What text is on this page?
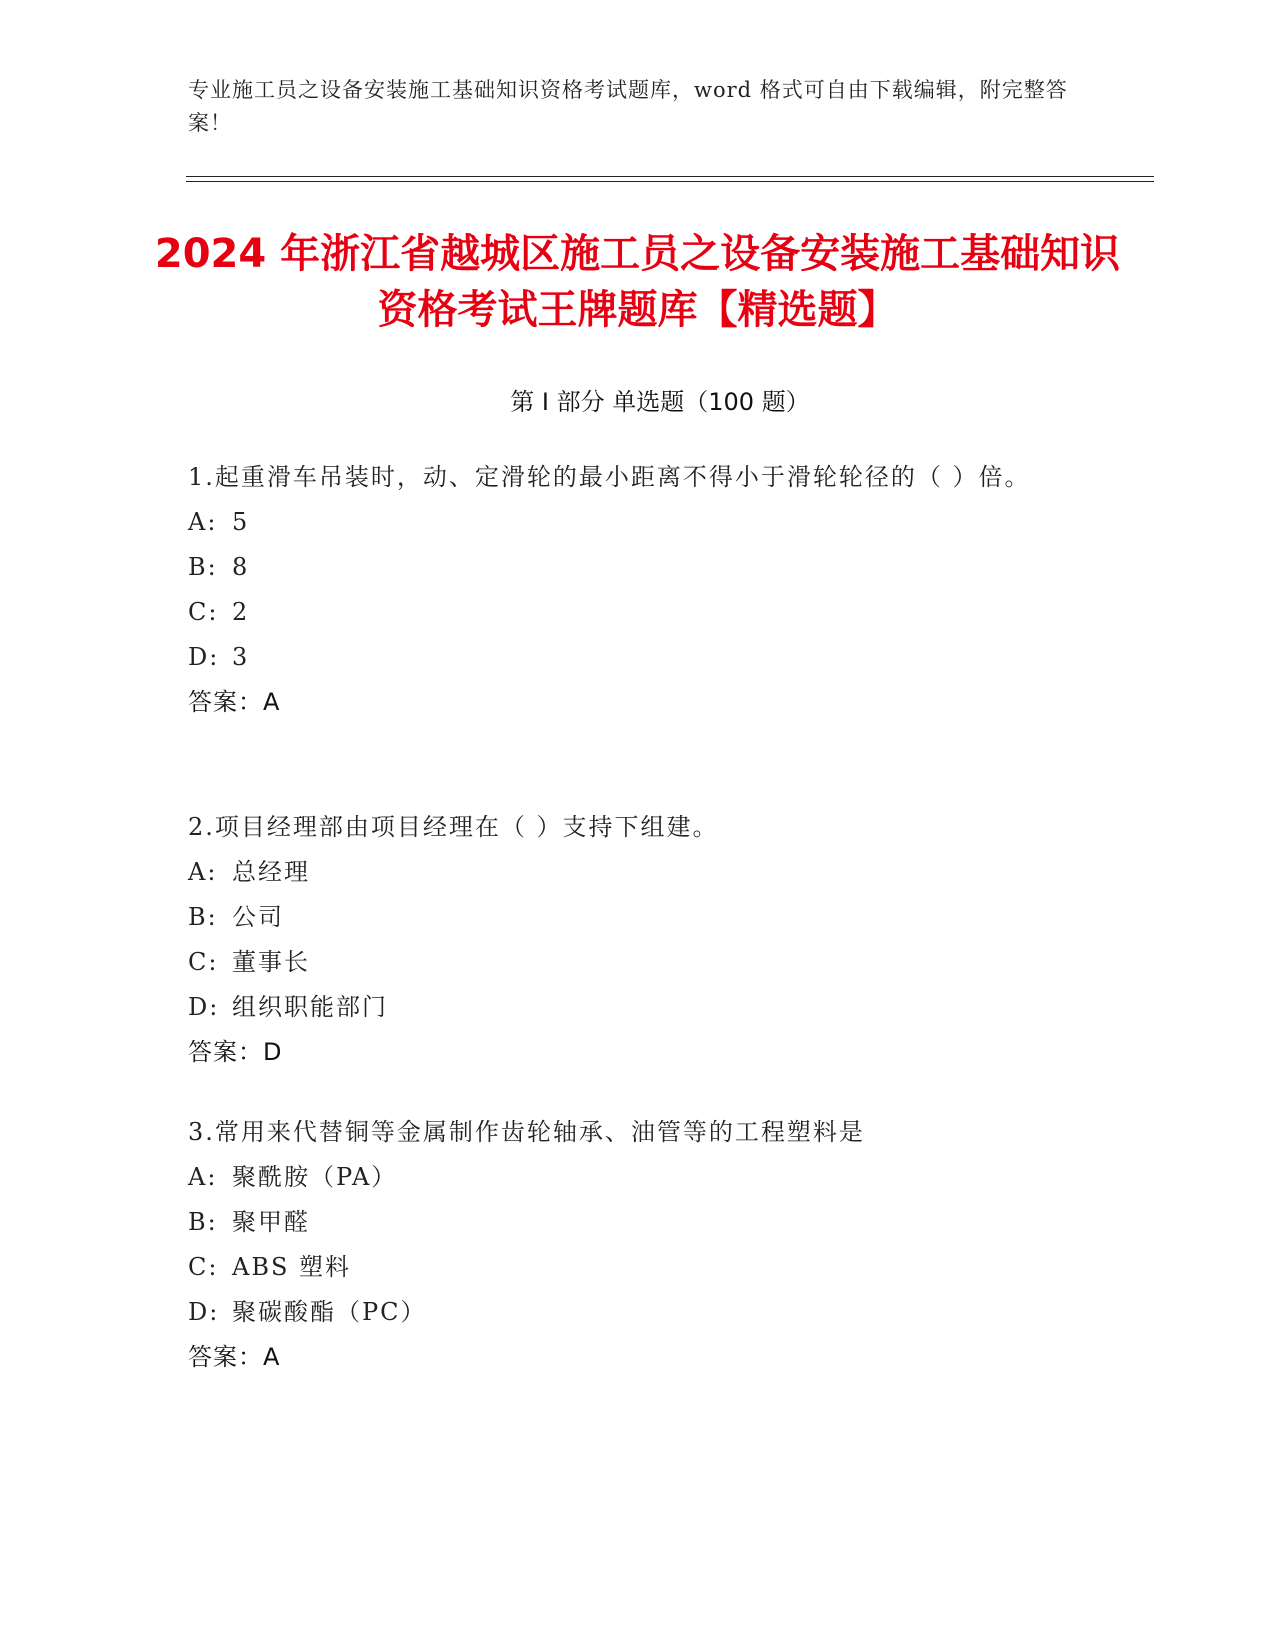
专业施工员之设备安装施工基础知识资格考试题库，word 格式可自由下载编辑，附完整答案！
2024 年浙江省越城区施工员之设备安装施工基础知识资格考试王牌题库【精选题】
第 I 部分 单选题（100 题）
1.起重滑车吊装时，动、定滑轮的最小距离不得小于滑轮轮径的（ ）倍。
A: 5
B: 8
C: 2
D: 3
答案：A
2.项目经理部由项目经理在（ ）支持下组建。
A: 总经理
B: 公司
C: 董事长
D: 组织职能部门
答案：D
3.常用来代替铜等金属制作齿轮轴承、油管等的工程塑料是
A: 聚酰胺（PA）
B: 聚甲醛
C: ABS 塑料
D: 聚碳酸酯（PC）
答案：A
